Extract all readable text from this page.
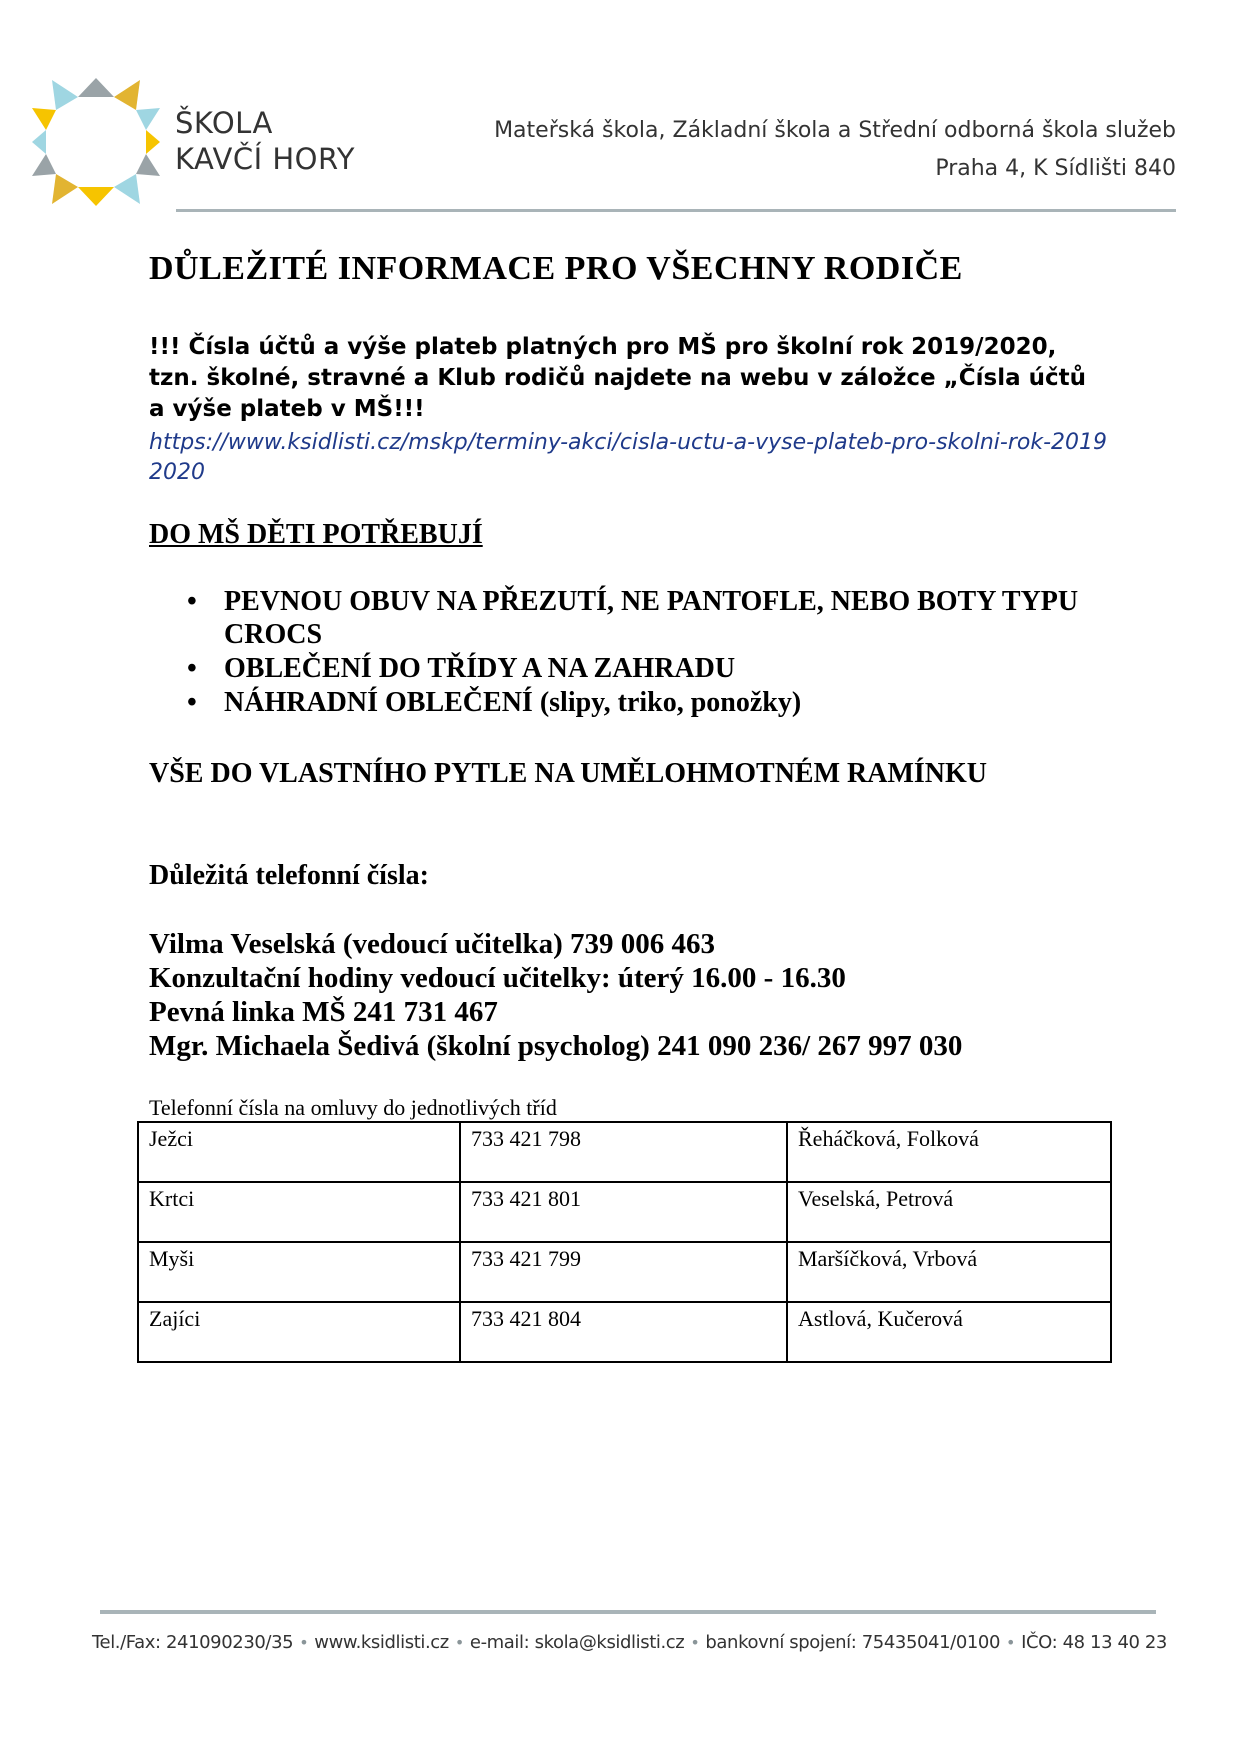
ŠKOLA
KAVČÍ HORY
Mateřská škola, Základní škola a Střední odborná škola služeb
Praha 4, K Sídlišti 840
DŮLEŽITÉ INFORMACE PRO VŠECHNY RODIČE
!!! Čísla účtů a výše plateb platných pro MŠ pro školní rok 2019/2020, tzn. školné, stravné a Klub rodičů najdete na webu v záložce „Čísla účtů a výše plateb v MŠ!!!
https://www.ksidlisti.cz/mskp/terminy-akci/cisla-uctu-a-vyse-plateb-pro-skolni-rok-20192020
DO MŠ DĚTI POTŘEBUJÍ
• PEVNOU OBUV NA PŘEZUTÍ, NE PANTOFLE, NEBO BOTY TYPU CROCS
• OBLEČENÍ DO TŘÍDY A NA ZAHRADU
• NÁHRADNÍ OBLEČENÍ (slipy, triko, ponožky)
VŠE DO VLASTNÍHO PYTLE NA UMĚLOHMOTNÉM RAMÍNKU
Důležitá telefonní čísla:
Vilma Veselská (vedoucí učitelka) 739 006 463
Konzultační hodiny vedoucí učitelky: úterý 16.00 - 16.30
Pevná linka MŠ 241 731 467
Mgr. Michaela Šedivá (školní psycholog) 241 090 236/ 267 997 030
Telefonní čísla na omluvy do jednotlivých tříd
Ježci	733 421 798	Řeháčková, Folková
Krtci	733 421 801	Veselská, Petrová
Myši	733 421 799	Maršíčková, Vrbová
Zajíci	733 421 804	Astlová, Kučerová
Tel./Fax: 241090230/35 • www.ksidlisti.cz • e-mail: skola@ksidlisti.cz • bankovní spojení: 75435041/0100 • IČO: 48 13 40 23
